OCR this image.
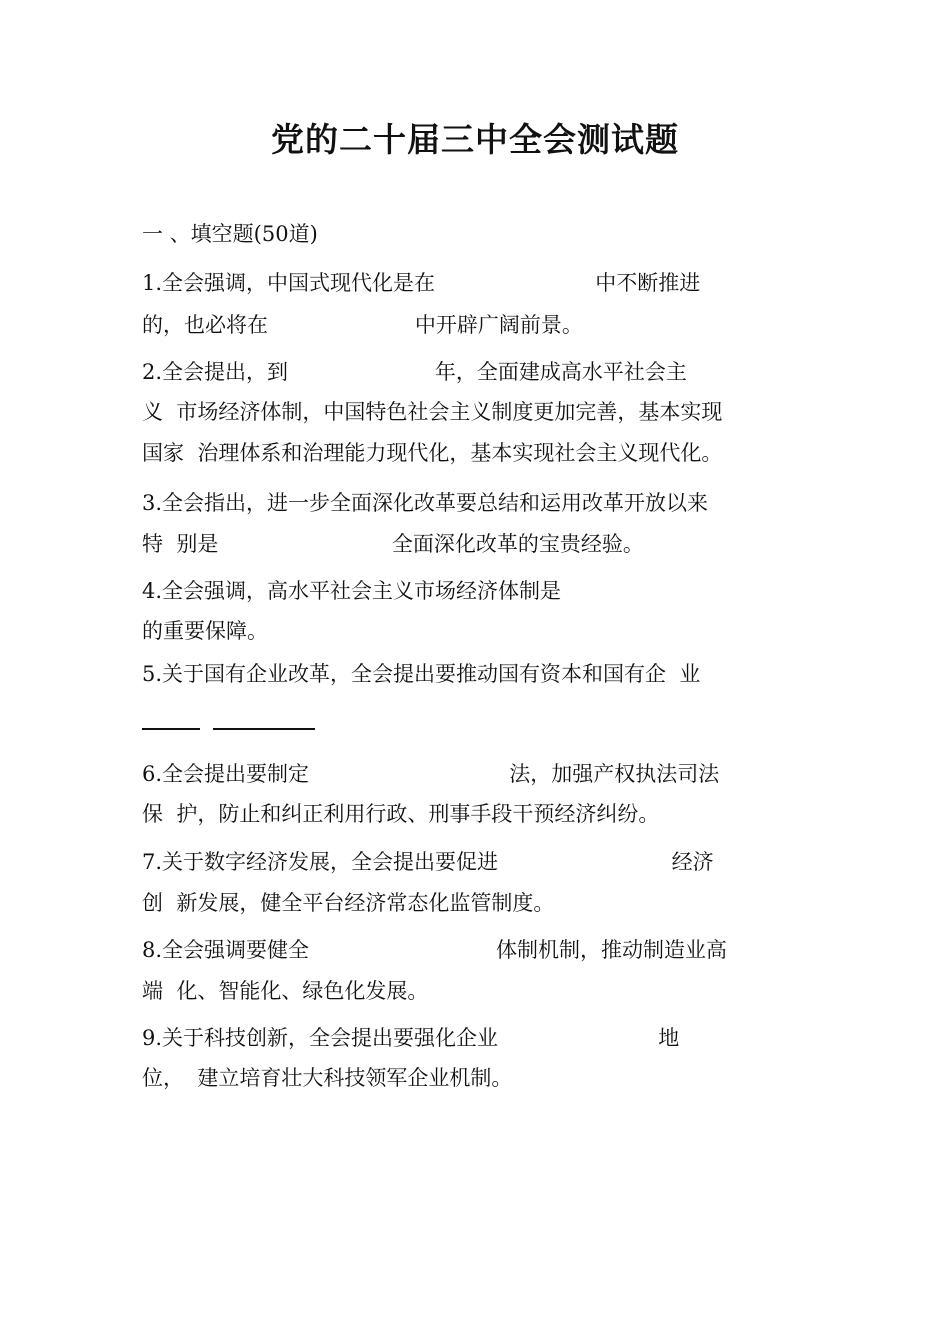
党的二十届三中全会测试题
一 、填空题(50道)
1.全会强调，中国式现代化是在                        中不断推进
的，也必将在                      中开辟广阔前景。
2.全会提出，到                      年，全面建成高水平社会主
义  市场经济体制，中国特色社会主义制度更加完善，基本实现
国家  治理体系和治理能力现代化，基本实现社会主义现代化。
3.全会指出，进一步全面深化改革要总结和运用改革开放以来
特  别是                          全面深化改革的宝贵经验。
4.全会强调，高水平社会主义市场经济体制是
的重要保障。
5.关于国有企业改革，全会提出要推动国有资本和国有企  业
6.全会提出要制定                              法，加强产权执法司法
保  护，防止和纠正利用行政、刑事手段干预经济纠纷。
7.关于数字经济发展，全会提出要促进                          经济
创  新发展，健全平台经济常态化监管制度。
8.全会强调要健全                            体制机制，推动制造业高
端  化、智能化、绿色化发展。
9.关于科技创新，全会提出要强化企业                        地
位，  建立培育壮大科技领军企业机制。
